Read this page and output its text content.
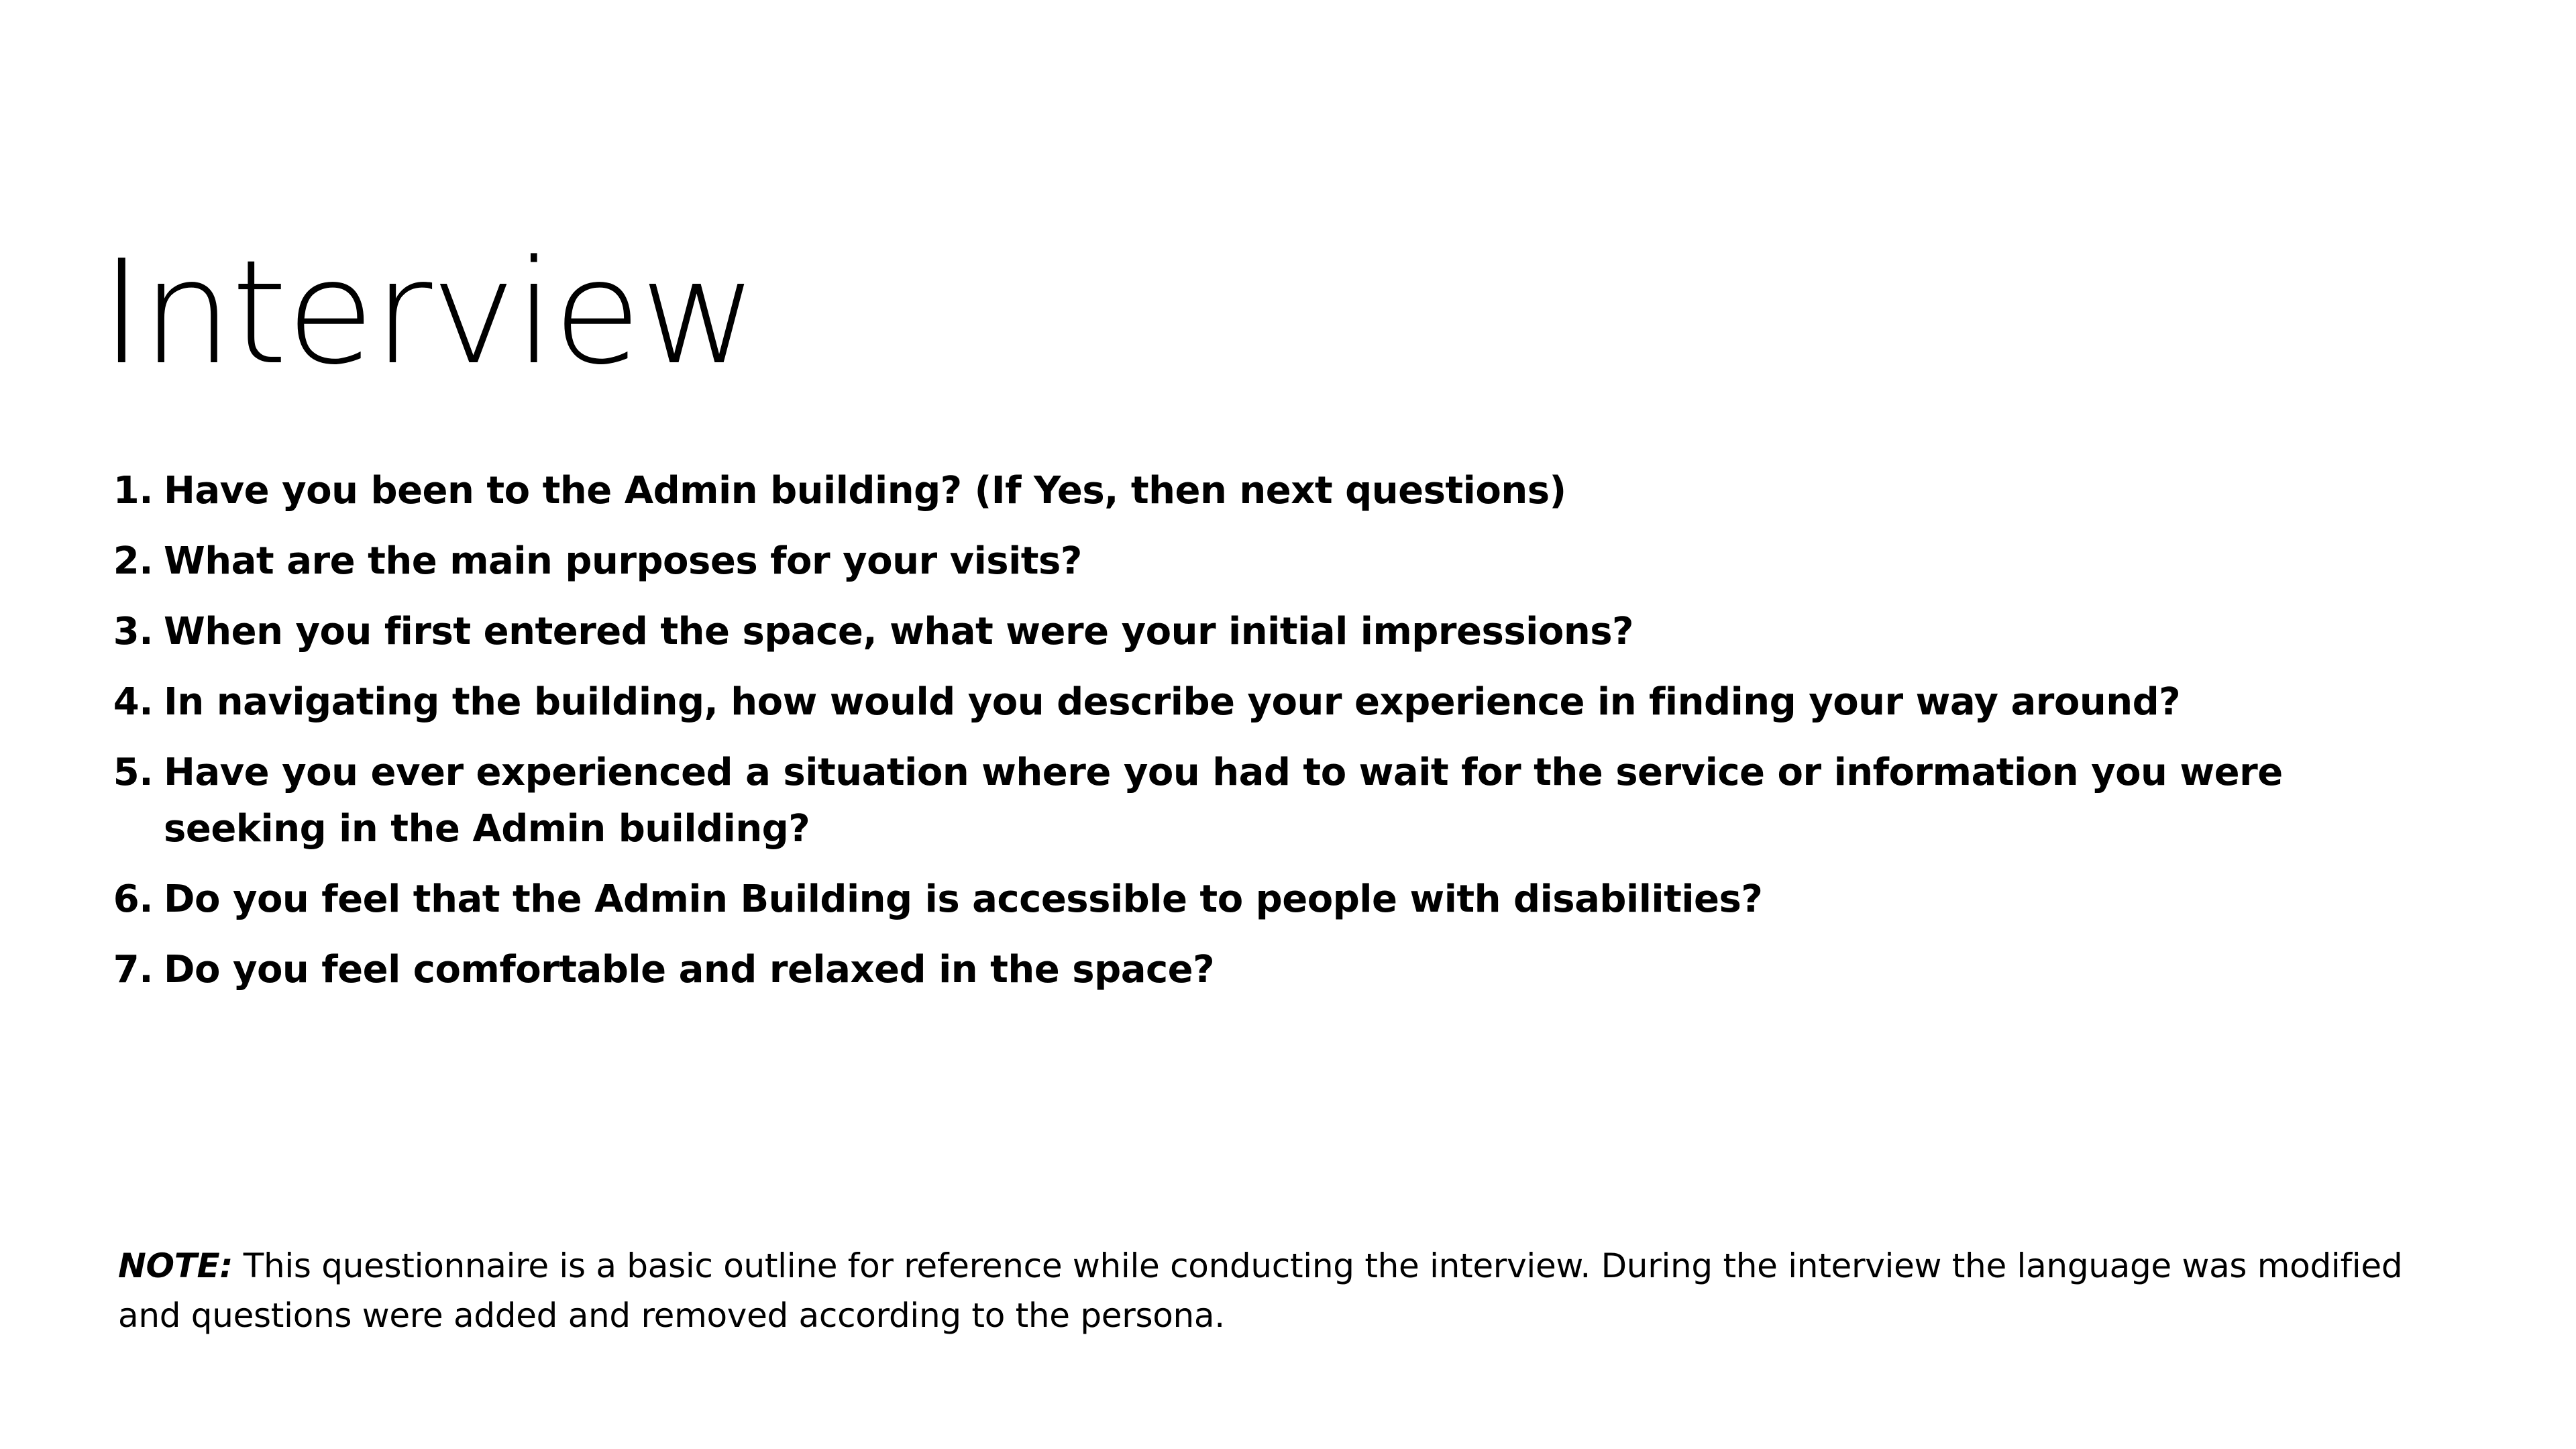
Interview
1. Have you been to the Admin building? (If Yes, then next questions)
2. What are the main purposes for your visits?
3. When you first entered the space, what were your initial impressions?
4. In navigating the building, how would you describe your experience in finding your way around?
5. Have you ever experienced a situation where you had to wait for the service or information you were seeking in the Admin building?
6. Do you feel that the Admin Building is accessible to people with disabilities?
7. Do you feel comfortable and relaxed in the space?

NOTE: This questionnaire is a basic outline for reference while conducting the interview. During the interview the language was modified and questions were added and removed according to the persona.
